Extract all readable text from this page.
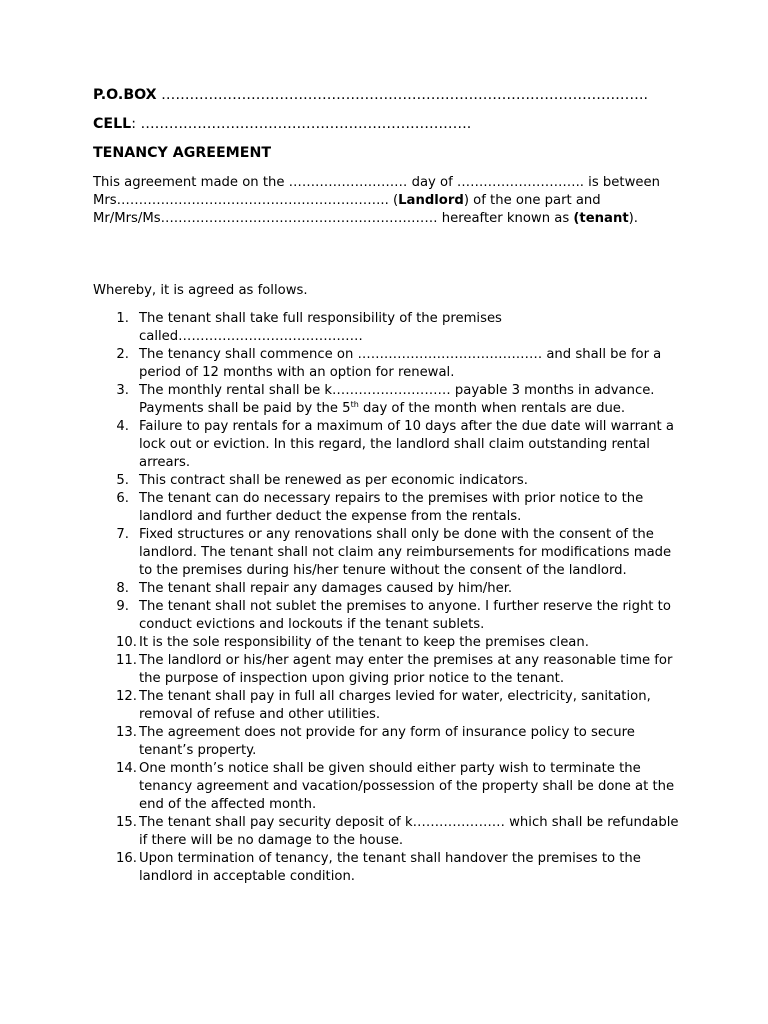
P.O.BOX ………………………………………………………………………………………….
CELL: …………………………………………………………….
TENANCY AGREEMENT
This agreement made on the ……………………… day of ……………………….. is between Mrs…………………………………………………….. (Landlord) of the one part and Mr/Mrs/Ms……………………………………………………… hereafter known as (tenant).
Whereby, it is agreed as follows.
1. The tenant shall take full responsibility of the premises called……………………………………
2. The tenancy shall commence on …………………………………… and shall be for a period of 12 months with an option for renewal.
3. The monthly rental shall be k……………………… payable 3 months in advance. Payments shall be paid by the 5th day of the month when rentals are due.
4. Failure to pay rentals for a maximum of 10 days after the due date will warrant a lock out or eviction. In this regard, the landlord shall claim outstanding rental arrears.
5. This contract shall be renewed as per economic indicators.
6. The tenant can do necessary repairs to the premises with prior notice to the landlord and further deduct the expense from the rentals.
7. Fixed structures or any renovations shall only be done with the consent of the landlord. The tenant shall not claim any reimbursements for modifications made to the premises during his/her tenure without the consent of the landlord.
8. The tenant shall repair any damages caused by him/her.
9. The tenant shall not sublet the premises to anyone. I further reserve the right to conduct evictions and lockouts if the tenant sublets.
10. It is the sole responsibility of the tenant to keep the premises clean.
11. The landlord or his/her agent may enter the premises at any reasonable time for the purpose of inspection upon giving prior notice to the tenant.
12. The tenant shall pay in full all charges levied for water, electricity, sanitation, removal of refuse and other utilities.
13. The agreement does not provide for any form of insurance policy to secure tenant’s property.
14. One month’s notice shall be given should either party wish to terminate the tenancy agreement and vacation/possession of the property shall be done at the end of the affected month.
15. The tenant shall pay security deposit of k………………… which shall be refundable if there will be no damage to the house.
16. Upon termination of tenancy, the tenant shall handover the premises to the landlord in acceptable condition.
